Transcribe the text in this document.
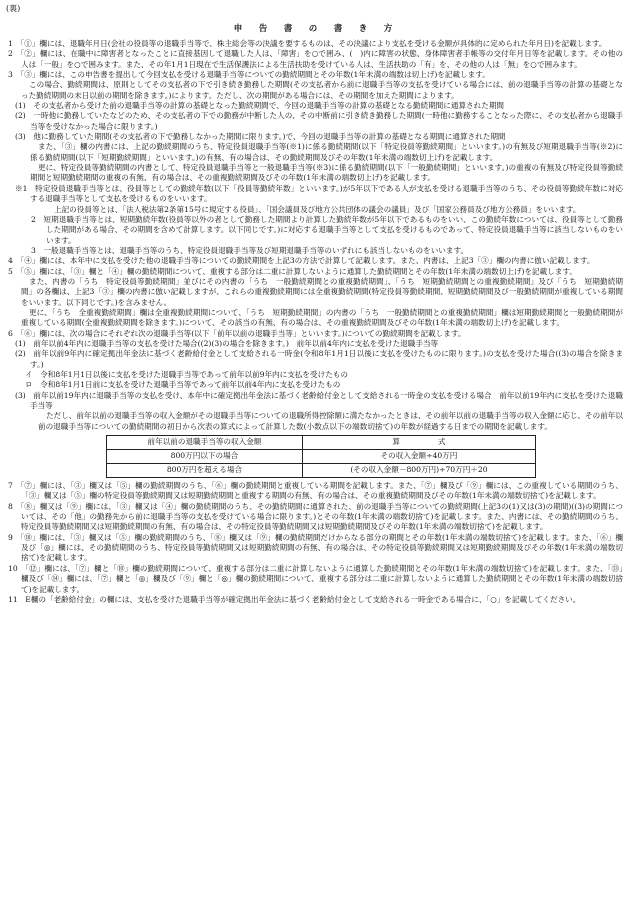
(裏)
申　告　書　の　書　き　方

1　「①」欄には、退職年月日(会社の役員等の退職手当等で、株主総会等の決議を要するものは、その決議により支払を受ける金額が具体的に定められた年月日)を記載します。

2　「②」欄には、在職中に障害者となったことに直接基因して退職した人は、「障害」を○で囲み、(　)内に障害の状態、身体障害者手帳等の交付年月日等を記載します。その他の人は「一般」を○で囲みます。また、その年1月1日現在で生活保護法による生活扶助を受けている人は、生活扶助の「有」を、その他の人は「無」を○で囲みます。

3　「③」欄には、この申告書を提出して今回支払を受ける退職手当等についての勤続期間とその年数(1年未満の端数は切上げ)を記載します。

この場合、勤続期間は、原則としてその支払者の下で引き続き勤務した期間(その支払者から前に退職手当等の支払を受けている場合には、前の退職手当等の計算の基礎となった勤続期間の末日以前の期間を除きます。)によります。ただし、次の期間がある場合には、その期間を加えた期間によります。

(1)　その支払者から受けた前の退職手当等の計算の基礎となった勤続期間で、今回の退職手当等の計算の基礎となる勤続期間に通算された期間

(2)　一時他に勤務していたなどのため、その支払者の下での勤務が中断した人の、その中断前に引き続き勤務した期間(一時他に勤務することなった際に、その支払者から退職手当等を受けなかった場合に限ります。)

(3)　他に勤務していた期間(その支払者の下で勤務しなかった期間に限ります。)で、今回の退職手当等の計算の基礎となる期間に通算された期間

また、「③」欄の内書には、上記の勤続期間のうち、特定役員退職手当等(※1)に係る勤続期間(以下「特定役員等勤続期間」といいます。)の有無及び短期退職手当等(※2)に係る勤続期間(以下「短期勤続期間」といいます。)の有無、有の場合は、その勤続期間及びその年数(1年未満の端数切上げ)を記載します。

更に、特定役員等勤続期間の内書として、特定役員退職手当等と一般退職手当等(※3)に係る勤続期間(以下「一般勤続期間」といいます。)の重複の有無及び特定役員等勤続期間と短期勤続期間の重複の有無、有の場合は、その重複勤続期間及びその年数(1年未満の端数切上げ)を記載します。

※1　特定役員退職手当等とは、役員等としての勤続年数(以下「役員等勤続年数」といいます。)が5年以下である人が支払を受ける退職手当等のうち、その役員等勤続年数に対応する退職手当等として支払を受けるものをいいます。

上記の役員等とは、「法人税法第2条第15号に規定する役員」、「国会議員及び地方公共団体の議会の議員」及び「国家公務員及び地方公務員」をいいます。

2　短期退職手当等とは、短期勤続年数(役員等以外の者として勤務した期間より計算した勤続年数が5年以下であるものをいい、この勤続年数については、役員等として勤務した期間がある場合、その期間を含めて計算します。以下同じです。)に対応する退職手当等として支払を受けるものであって、特定役員退職手当等に該当しないものをいいます。

3　一般退職手当等とは、退職手当等のうち、特定役員退職手当等及び短期退職手当等のいずれにも該当しないものをいいます。

4　「④」欄には、本年中に支払を受けた他の退職手当等についての勤続期間を上記3の方法で計算して記載します。また、内書は、上記3「③」欄の内書に倣い記載します。

5　「⑤」欄には、「③」欄と「④」欄の勤続期間について、重複する部分は二重に計算しないように通算した勤続期間とその年数(1年未満の端数切上げ)を記載します。

また、内書の「うち　特定役員等勤続期間」並びにその内書の「うち　一般勤続期間との重複勤続期間」、「うち　短期勤続期間との重複勤続期間」及び「うち　短期勤続期間」の各欄は、上記3「③」欄の内書に倣い記載しますが、これらの重複勤続期間には全重複勤続期間(特定役員等勤続期間、短期勤続期間及び一般勤続期間が重複している期間をいいます。以下同じです。)を含みません。

更に、「うち　全重複勤続期間」欄は全重複勤続期間について、「うち　短期勤続期間」の内書の「うち　一般勤続期間との重複勤続期間」欄は短期勤続期間と一般勤続期間が重複している期間(全重複勤続期間を除きます。)について、その該当の有無、有の場合は、その重複勤続期間及びその年数(1年未満の端数切上げ)を記載します。

6　「⑥」欄には、次の場合にそれぞれ次の退職手当等(以下「前年以前の退職手当等」といいます。)についての勤続期間を記載します。

(1)　前年以前4年内に退職手当等の支払を受けた場合((2)(3)の場合を除きます。)　前年以前4年内に支払を受けた退職手当等

(2)　前年以前9年内に確定拠出年金法に基づく老齢給付金として支給される一時金(令和8年1月1日以後に支払を受けたものに限ります。)の支払を受けた場合((3)の場合を除きます。)

イ　令和8年1月1日以後に支払を受けた退職手当等であって前年以前9年内に支払を受けたもの

ロ　令和8年1月1日前に支払を受けた退職手当等であって前年以前4年内に支払を受けたもの

(3)　前年以前19年内に退職手当等の支払を受け、本年中に確定拠出年金法に基づく老齢給付金として支給される一時金の支払を受ける場合　前年以前19年内に支払を受けた退職手当等

ただし、前年以前の退職手当等の収入金額がその退職手当等についての退職所得控除額に満たなかったときは、その前年以前の退職手当等の収入金額に応じ、その前年以前の退職手当等についての勤続期間の初日から次表の算式によって計算した数(小数点以下の端数切捨て)の年数が経過する日までの期間を記載します。

前年以前の退職手当等の収入金額	算　　　　　式
800万円以下の場合	その収入金額÷40万円
800万円を超える場合	(その収入金額－800万円)÷70万円＋20

7　「⑦」欄には、「③」欄又は「⑤」欄の勤続期間のうち、「⑥」欄の勤続期間と重複している期間を記載します。また、「⑦」欄及び「⑨」欄には、この重複している期間のうち、「③」欄又は「⑤」欄の特定役員等勤続期間又は短期勤続期間と重複する期間の有無、有の場合は、その重複勤続期間及びその年数(1年未満の端数切捨て)を記載します。

8　「⑧」欄又は「⑨」欄には、「③」欄又は「④」欄の勤続期間のうち、その勤続期間に通算された、前の退職手当等についての勤続期間(上記3の(1)又は(3)の期間)((3)の期間については、その「他」の勤務先から前に退職手当等の支払を受けている場合に限ります。)とその年数(1年未満の端数切捨て)を記載します。また、内書には、その勤続期間のうち、特定役員等勤続期間又は短期勤続期間の有無、有の場合は、その特定役員等勤続期間又は短期勤続期間及びその年数(1年未満の端数切捨て)を記載します。

9　「⑩」欄には、「③」欄又は「⑤」欄の勤続期間のうち、「⑧」欄又は「⑨」欄の勤続期間だけからなる部分の期間とその年数(1年未満の端数切捨て)を記載します。また、「⑥」欄及び「◎」欄には、その勤続期間のうち、特定役員等勤続期間又は短期勤続期間の有無、有の場合は、その特定役員等勤続期間又は短期勤続期間及びその年数(1年未満の端数切捨て)を記載します。

10　「⑫」欄には、「⑦」欄と「⑩」欄の勤続期間について、重複する部分は二重に計算しないように通算した勤続期間とその年数(1年未満の端数切捨て)を記載します。また、「⑬」欄及び「⑭」欄には、「⑦」欄と「◎」欄及び「⑨」欄と「◎」欄の勤続期間について、重複する部分は二重に計算しないように通算した勤続期間とその年数(1年未満の端数切捨て)を記載します。

11　E欄の「老齢給付金」の欄には、支払を受けた退職手当等が確定拠出年金法に基づく老齢給付金として支給される一時金である場合に、「○」を記載してください。
